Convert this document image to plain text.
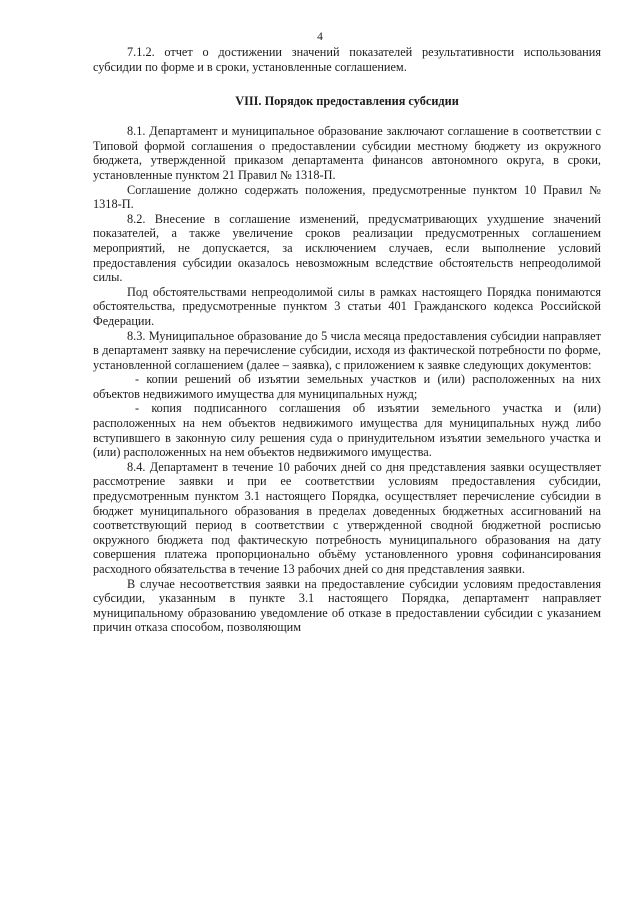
4

7.1.2. отчет о достижении значений показателей результативности использования субсидии по форме и в сроки, установленные соглашением.

VIII. Порядок предоставления субсидии

8.1. Департамент и муниципальное образование заключают соглашение в соответствии с Типовой формой соглашения о предоставлении субсидии местному бюджету из окружного бюджета, утвержденной приказом департамента финансов автономного округа, в сроки, установленные пунктом 21 Правил № 1318-П.

Соглашение должно содержать положения, предусмотренные пунктом 10 Правил № 1318-П.

8.2. Внесение в соглашение изменений, предусматривающих ухудшение значений показателей, а также увеличение сроков реализации предусмотренных соглашением мероприятий, не допускается, за исключением случаев, если выполнение условий предоставления субсидии оказалось невозможным вследствие обстоятельств непреодолимой силы.

Под обстоятельствами непреодолимой силы в рамках настоящего Порядка понимаются обстоятельства, предусмотренные пунктом 3 статьи 401 Гражданского кодекса Российской Федерации.

8.3. Муниципальное образование до 5 числа месяца предоставления субсидии направляет в департамент заявку на перечисление субсидии, исходя из фактической потребности по форме, установленной соглашением (далее – заявка), с приложением к заявке следующих документов:

- копии решений об изъятии земельных участков и (или) расположенных на них объектов недвижимого имущества для муниципальных нужд;

- копия подписанного соглашения об изъятии земельного участка и (или) расположенных на нем объектов недвижимого имущества для муниципальных нужд либо вступившего в законную силу решения суда о принудительном изъятии земельного участка и (или) расположенных на нем объектов недвижимого имущества.

8.4. Департамент в течение 10 рабочих дней со дня представления заявки осуществляет рассмотрение заявки и при ее соответствии условиям предоставления субсидии, предусмотренным пунктом 3.1 настоящего Порядка, осуществляет перечисление субсидии в бюджет муниципального образования в пределах доведенных бюджетных ассигнований на соответствующий период в соответствии с утвержденной сводной бюджетной росписью окружного бюджета под фактическую потребность муниципального образования на дату совершения платежа пропорционально объёму установленного уровня софинансирования расходного обязательства в течение 13 рабочих дней со дня представления заявки.

В случае несоответствия заявки на предоставление субсидии условиям предоставления субсидии, указанным в пункте 3.1 настоящего Порядка, департамент направляет муниципальному образованию уведомление об отказе в предоставлении субсидии с указанием причин отказа способом, позволяющим
